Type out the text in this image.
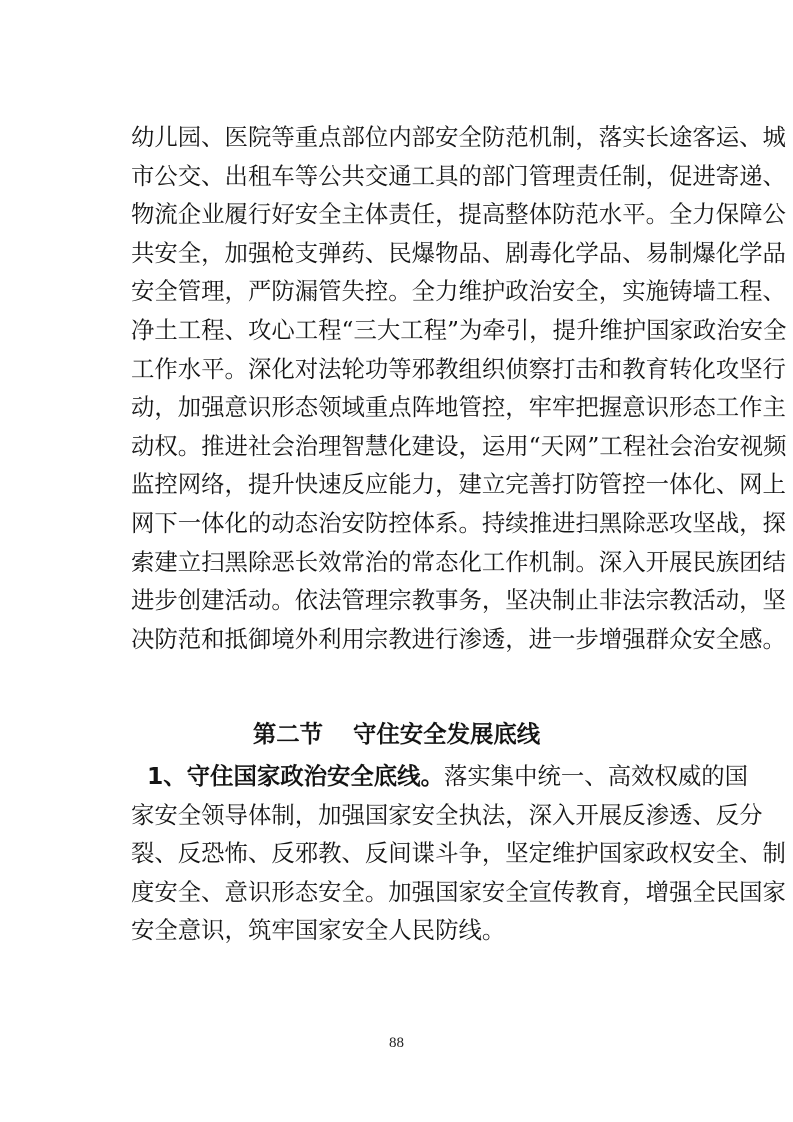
幼儿园、医院等重点部位内部安全防范机制，落实长途客运、城
市公交、出租车等公共交通工具的部门管理责任制，促进寄递、
物流企业履行好安全主体责任，提高整体防范水平。全力保障公
共安全，加强枪支弹药、民爆物品、剧毒化学品、易制爆化学品
安全管理，严防漏管失控。全力维护政治安全，实施铸墙工程、
净土工程、攻心工程“三大工程”为牵引，提升维护国家政治安全
工作水平。深化对法轮功等邪教组织侦察打击和教育转化攻坚行
动，加强意识形态领域重点阵地管控，牢牢把握意识形态工作主
动权。推进社会治理智慧化建设，运用“天网”工程社会治安视频
监控网络，提升快速反应能力，建立完善打防管控一体化、网上
网下一体化的动态治安防控体系。持续推进扫黑除恶攻坚战，探
索建立扫黑除恶长效常治的常态化工作机制。深入开展民族团结
进步创建活动。依法管理宗教事务，坚决制止非法宗教活动，坚
决防范和抵御境外利用宗教进行渗透，进一步增强群众安全感。
第二节 守住安全发展底线
1、守住国家政治安全底线。落实集中统一、高效权威的国
家安全领导体制，加强国家安全执法，深入开展反渗透、反分
裂、反恐怖、反邪教、反间谍斗争，坚定维护国家政权安全、制
度安全、意识形态安全。加强国家安全宣传教育，增强全民国家
安全意识，筑牢国家安全人民防线。
88
